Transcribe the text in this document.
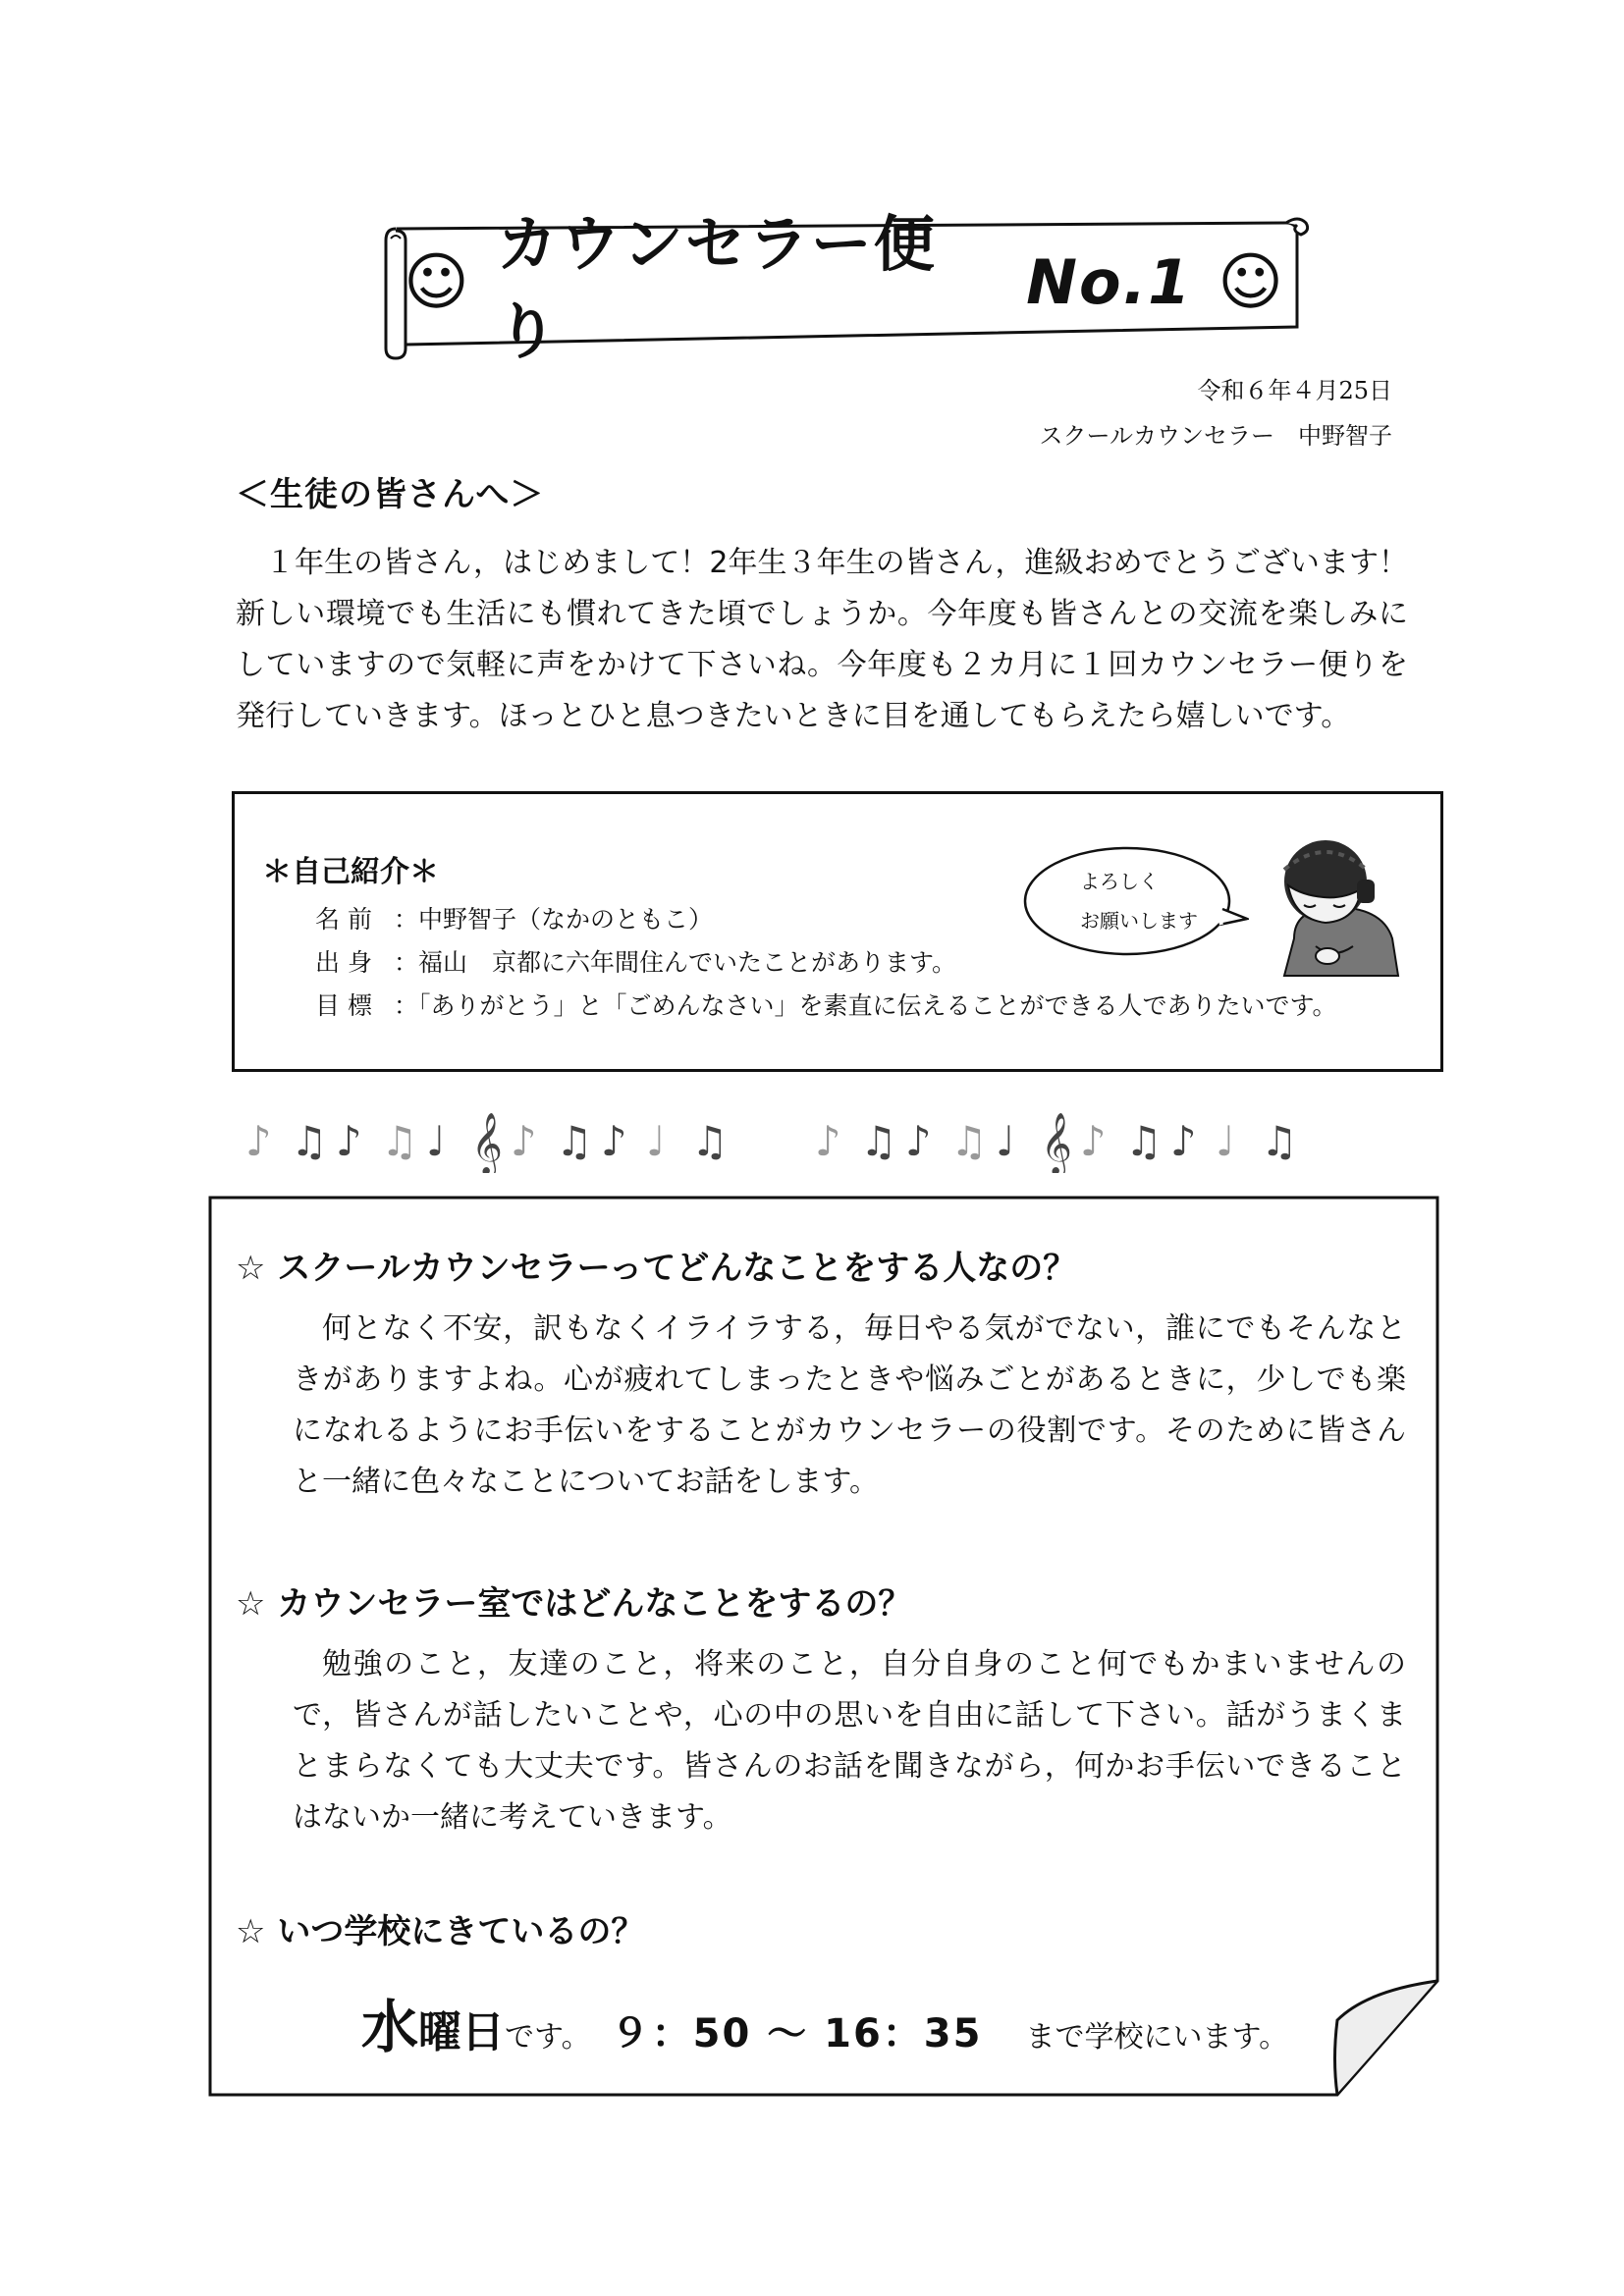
☺
カウンセラー便り
No.1 ☺
令和６年４月25日
スクールカウンセラー　中野智子
＜生徒の皆さんへ＞
１年生の皆さん，はじめまして！2年生３年生の皆さん，進級おめでとうございます！新しい環境でも生活にも慣れてきた頃でしょうか。今年度も皆さんとの交流を楽しみにしていますので気軽に声をかけて下さいね。今年度も２カ月に１回カウンセラー便りを発行していきます。ほっとひと息つきたいときに目を通してもらえたら嬉しいです。
＊自己紹介＊
名前 ：中野智子（なかのともこ）
出身 ：福山　京都に六年間住んでいたことがあります。
目標 ：「ありがとう」と「ごめんなさい」を素直に伝えることができる人でありたいです。
よろしく
お願いします
♪ ♫ ♪ ♫ ♩ 𝄞 ♪ ♫ ♪ ♩ ♫ ♪ ♫ ♪ ♫ ♩ 𝄞 ♪ ♫ ♪ ♩ ♫
☆ スクールカウンセラーってどんなことをする人なの？
何となく不安，訳もなくイライラする，毎日やる気がでない，誰にでもそんなときがありますよね。心が疲れてしまったときや悩みごとがあるときに，少しでも楽になれるようにお手伝いをすることがカウンセラーの役割です。そのために皆さんと一緒に色々なことについてお話をします。
☆ カウンセラー室ではどんなことをするの？
勉強のこと，友達のこと，将来のこと，自分自身のこと何でもかまいませんので，皆さんが話したいことや，心の中の思いを自由に話して下さい。話がうまくまとまらなくても大丈夫です。皆さんのお話を聞きながら，何かお手伝いできることはないか一緒に考えていきます。
☆ いつ学校にきているの？
水 曜日 です。 ９：50 ～ 16：35 まで学校にいます。
